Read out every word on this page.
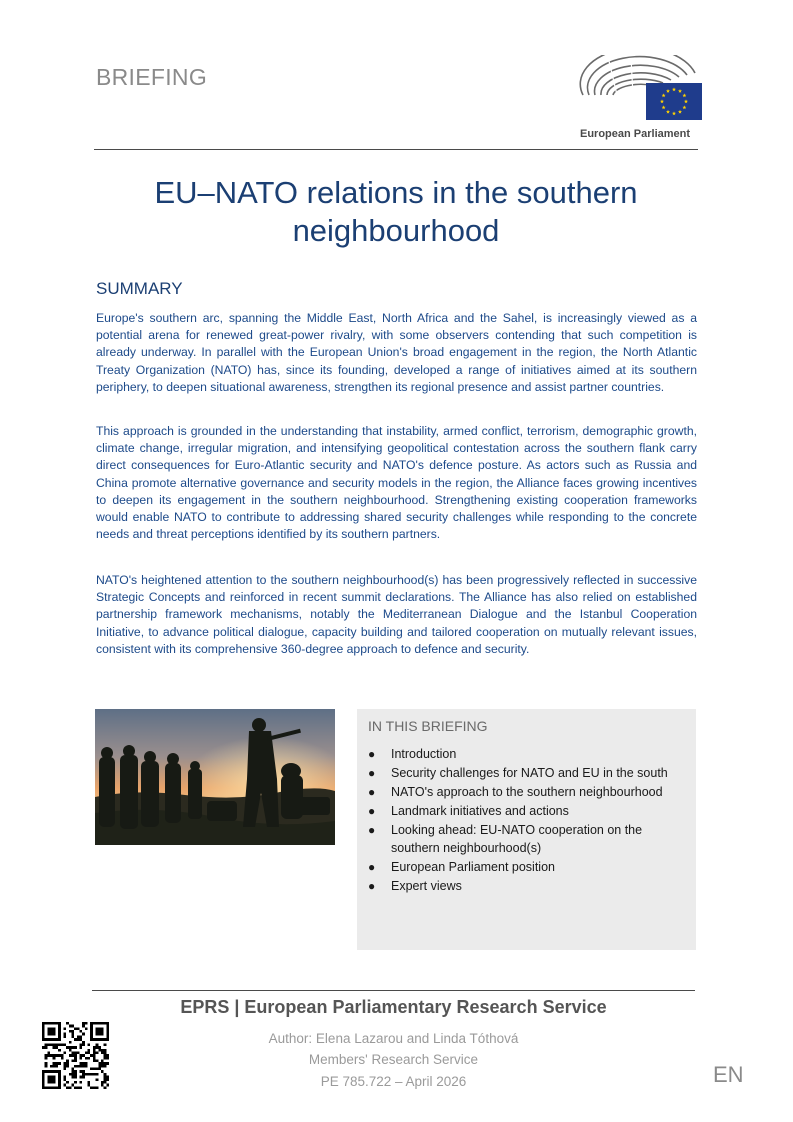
BRIEFING
European Parliament
EU–NATO relations in the southern neighbourhood
SUMMARY

Europe's southern arc, spanning the Middle East, North Africa and the Sahel, is increasingly viewed as a potential arena for renewed great-power rivalry, with some observers contending that such competition is already underway. In parallel with the European Union's broad engagement in the region, the North Atlantic Treaty Organization (NATO) has, since its founding, developed a range of initiatives aimed at its southern periphery, to deepen situational awareness, strengthen its regional presence and assist partner countries.

This approach is grounded in the understanding that instability, armed conflict, terrorism, demographic growth, climate change, irregular migration, and intensifying geopolitical contestation across the southern flank carry direct consequences for Euro-Atlantic security and NATO's defence posture. As actors such as Russia and China promote alternative governance and security models in the region, the Alliance faces growing incentives to deepen its engagement in the southern neighbourhood. Strengthening existing cooperation frameworks would enable NATO to contribute to addressing shared security challenges while responding to the concrete needs and threat perceptions identified by its southern partners.

NATO's heightened attention to the southern neighbourhood(s) has been progressively reflected in successive Strategic Concepts and reinforced in recent summit declarations. The Alliance has also relied on established partnership framework mechanisms, notably the Mediterranean Dialogue and the Istanbul Cooperation Initiative, to advance political dialogue, capacity building and tailored cooperation on mutually relevant issues, consistent with its comprehensive 360-degree approach to defence and security.

IN THIS BRIEFING
● Introduction
● Security challenges for NATO and EU in the south
● NATO's approach to the southern neighbourhood
● Landmark initiatives and actions
● Looking ahead: EU-NATO cooperation on the southern neighbourhood(s)
● European Parliament position
● Expert views
EPRS | European Parliamentary Research Service
Author: Elena Lazarou and Linda Tóthová
Members' Research Service
PE 785.722 – April 2026	EN
